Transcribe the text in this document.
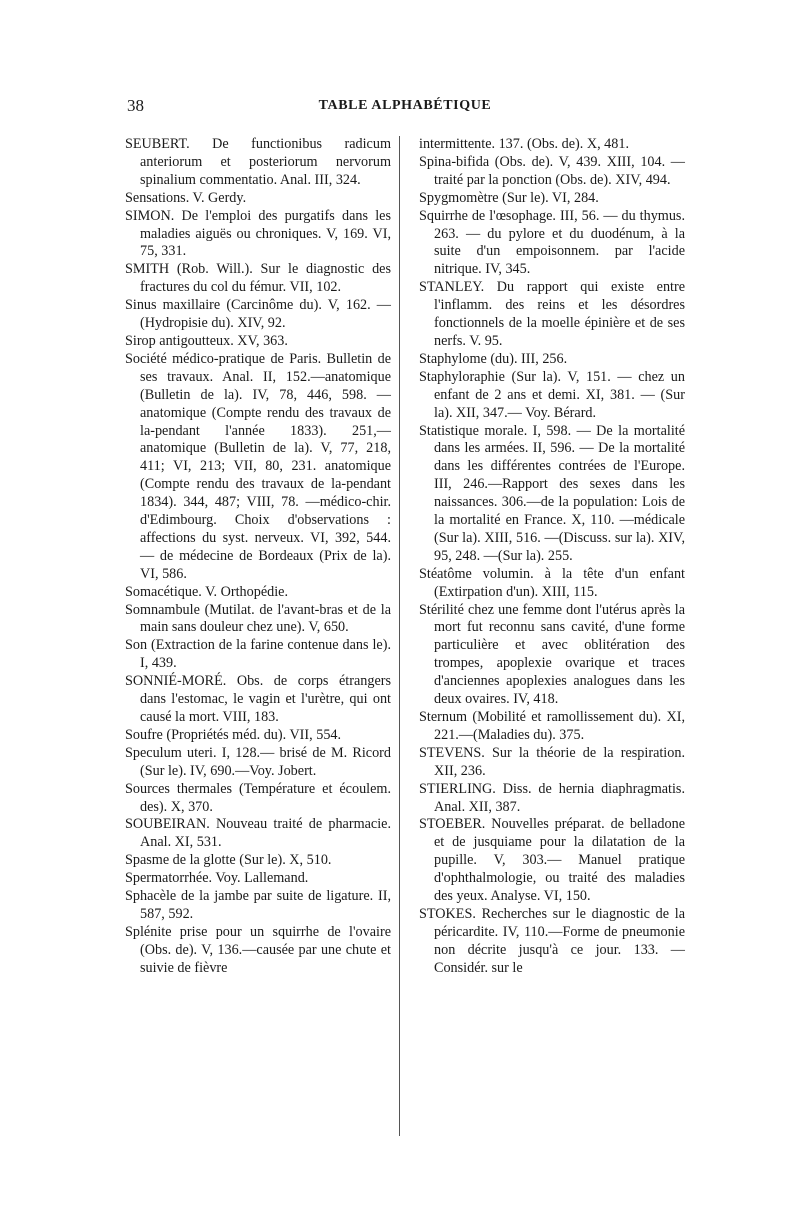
38	TABLE ALPHABÉTIQUE

SEUBERT. De functionibus radicum anteriorum et posteriorum nervorum spinalium commentatio. Anal. III, 324.

Sensations. V. Gerdy.

SIMON. De l'emploi des purgatifs dans les maladies aiguës ou chroniques. V, 169. VI, 75, 331.

SMITH (Rob. Will.). Sur le diagnostic des fractures du col du fémur. VII, 102.

Sinus maxillaire (Carcinôme du). V, 162. — (Hydropisie du). XIV, 92.

Sirop antigoutteux. XV, 363.

Société médico-pratique de Paris. Bulletin de ses travaux. Anal. II, 152.—anatomique (Bulletin de la). IV, 78, 446, 598. — anatomique (Compte rendu des travaux de la-pendant l'année 1833). 251,—anatomique (Bulletin de la). V, 77, 218, 411; VI, 213; VII, 80, 231. anatomique (Compte rendu des travaux de la-pendant 1834). 344, 487; VIII, 78. —médico-chir. d'Edimbourg. Choix d'observations : affections du syst. nerveux. VI, 392, 544. — de médecine de Bordeaux (Prix de la). VI, 586.

Somacétique. V. Orthopédie.

Somnambule (Mutilat. de l'avant-bras et de la main sans douleur chez une). V, 650.

Son (Extraction de la farine contenue dans le). I, 439.

SONNIÉ-MORÉ. Obs. de corps étrangers dans l'estomac, le vagin et l'urètre, qui ont causé la mort. VIII, 183.

Soufre (Propriétés méd. du). VII, 554.

Speculum uteri. I, 128.— brisé de M. Ricord (Sur le). IV, 690.—Voy. Jobert.

Sources thermales (Température et écoulem. des). X, 370.

SOUBEIRAN. Nouveau traité de pharmacie. Anal. XI, 531.

Spasme de la glotte (Sur le). X, 510.

Spermatorrhée. Voy. Lallemand.

Sphacèle de la jambe par suite de ligature. II, 587, 592.

Splénite prise pour un squirrhe de l'ovaire (Obs. de). V, 136.—causée par une chute et suivie de fièvre

intermittente. 137. (Obs. de). X, 481.

Spina-bifida (Obs. de). V, 439. XIII, 104. — traité par la ponction (Obs. de). XIV, 494.

Spygmomètre (Sur le). VI, 284.

Squirrhe de l'œsophage. III, 56. — du thymus. 263. — du pylore et du duodénum, à la suite d'un empoisonnem. par l'acide nitrique. IV, 345.

STANLEY. Du rapport qui existe entre l'inflamm. des reins et les désordres fonctionnels de la moelle épinière et de ses nerfs. V. 95.

Staphylome (du). III, 256.

Staphyloraphie (Sur la). V, 151. — chez un enfant de 2 ans et demi. XI, 381. — (Sur la). XII, 347.— Voy. Bérard.

Statistique morale. I, 598. — De la mortalité dans les armées. II, 596. — De la mortalité dans les différentes contrées de l'Europe. III, 246.—Rapport des sexes dans les naissances. 306.—de la population: Lois de la mortalité en France. X, 110. —médicale (Sur la). XIII, 516. —(Discuss. sur la). XIV, 95, 248. —(Sur la). 255.

Stéatôme volumin. à la tête d'un enfant (Extirpation d'un). XIII, 115.

Stérilité chez une femme dont l'utérus après la mort fut reconnu sans cavité, d'une forme particulière et avec oblitération des trompes, apoplexie ovarique et traces d'anciennes apoplexies analogues dans les deux ovaires. IV, 418.

Sternum (Mobilité et ramollissement du). XI, 221.—(Maladies du). 375.

STEVENS. Sur la théorie de la respiration. XII, 236.

STIERLING. Diss. de hernia diaphragmatis. Anal. XII, 387.

STOEBER. Nouvelles préparat. de belladone et de jusquiame pour la dilatation de la pupille. V, 303.— Manuel pratique d'ophthalmologie, ou traité des maladies des yeux. Analyse. VI, 150.

STOKES. Recherches sur le diagnostic de la péricardite. IV, 110.—Forme de pneumonie non décrite jusqu'à ce jour. 133. — Considér. sur le
